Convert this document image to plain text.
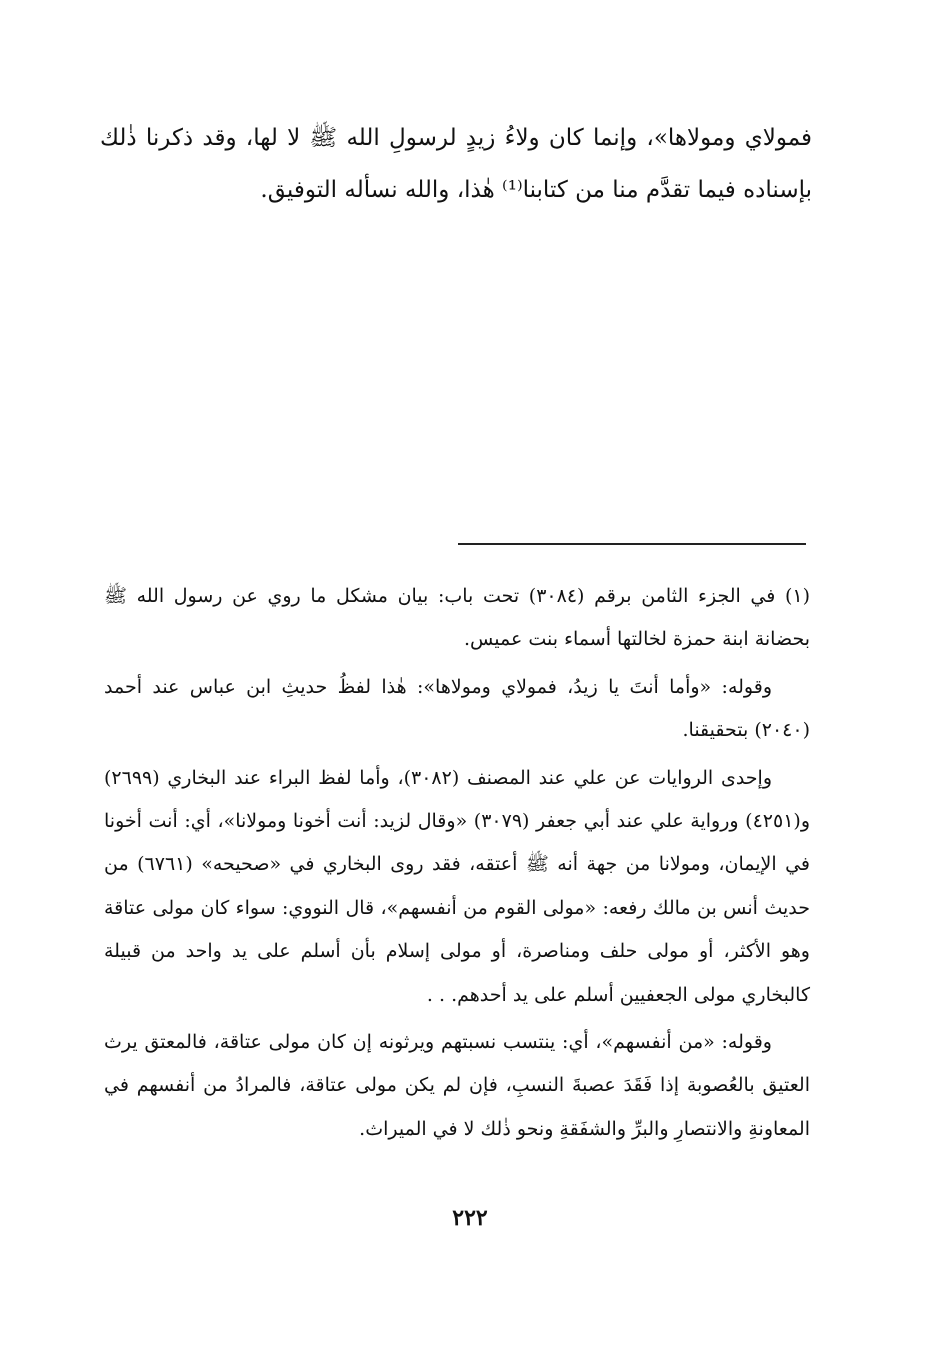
فمولاي ومولاها»، وإنما كان ولاءُ زيدٍ لرسولِ الله ﷺ لا لها، وقد ذكرنا ذٰلك بإسناده فيما تقدَّم منا من كتابنا⁽¹⁾ هٰذا، والله نسأله التوفيق.

(١) في الجزء الثامن برقم (٣٠٨٤) تحت باب: بيان مشكل ما روي عن رسول الله ﷺ بحضانة ابنة حمزة لخالتها أسماء بنت عميس.

وقوله: «وأما أنتَ يا زيدُ، فمولاي ومولاها»: هٰذا لفظُ حديثِ ابن عباس عند أحمد (٢٠٤٠) بتحقيقنا.

وإحدى الروايات عن علي عند المصنف (٣٠٨٢)، وأما لفظ البراء عند البخاري (٢٦٩٩) و(٤٢٥١) ورواية علي عند أبي جعفر (٣٠٧٩) «وقال لزيد: أنت أخونا ومولانا»، أي: أنت أخونا في الإيمان، ومولانا من جهة أنه ﷺ أعتقه، فقد روى البخاري في «صحيحه» (٦٧٦١) من حديث أنس بن مالك رفعه: «مولى القوم من أنفسهم»، قال النووي: سواء كان مولى عتاقة وهو الأكثر، أو مولى حلف ومناصرة، أو مولى إسلام بأن أسلم على يد واحد من قبيلة كالبخاري مولى الجعفيين أسلم على يد أحدهم. . .

وقوله: «من أنفسهم»، أي: ينتسب نسبتهم ويرثونه إن كان مولى عتاقة، فالمعتق يرث العتيق بالعُصوبة إذا فَقَدَ عصبةَ النسبِ، فإن لم يكن مولى عتاقة، فالمرادُ من أنفسهم في المعاونةِ والانتصارِ والبرِّ والشفَقةِ ونحو ذٰلك لا في الميراث.

٢٢٢
